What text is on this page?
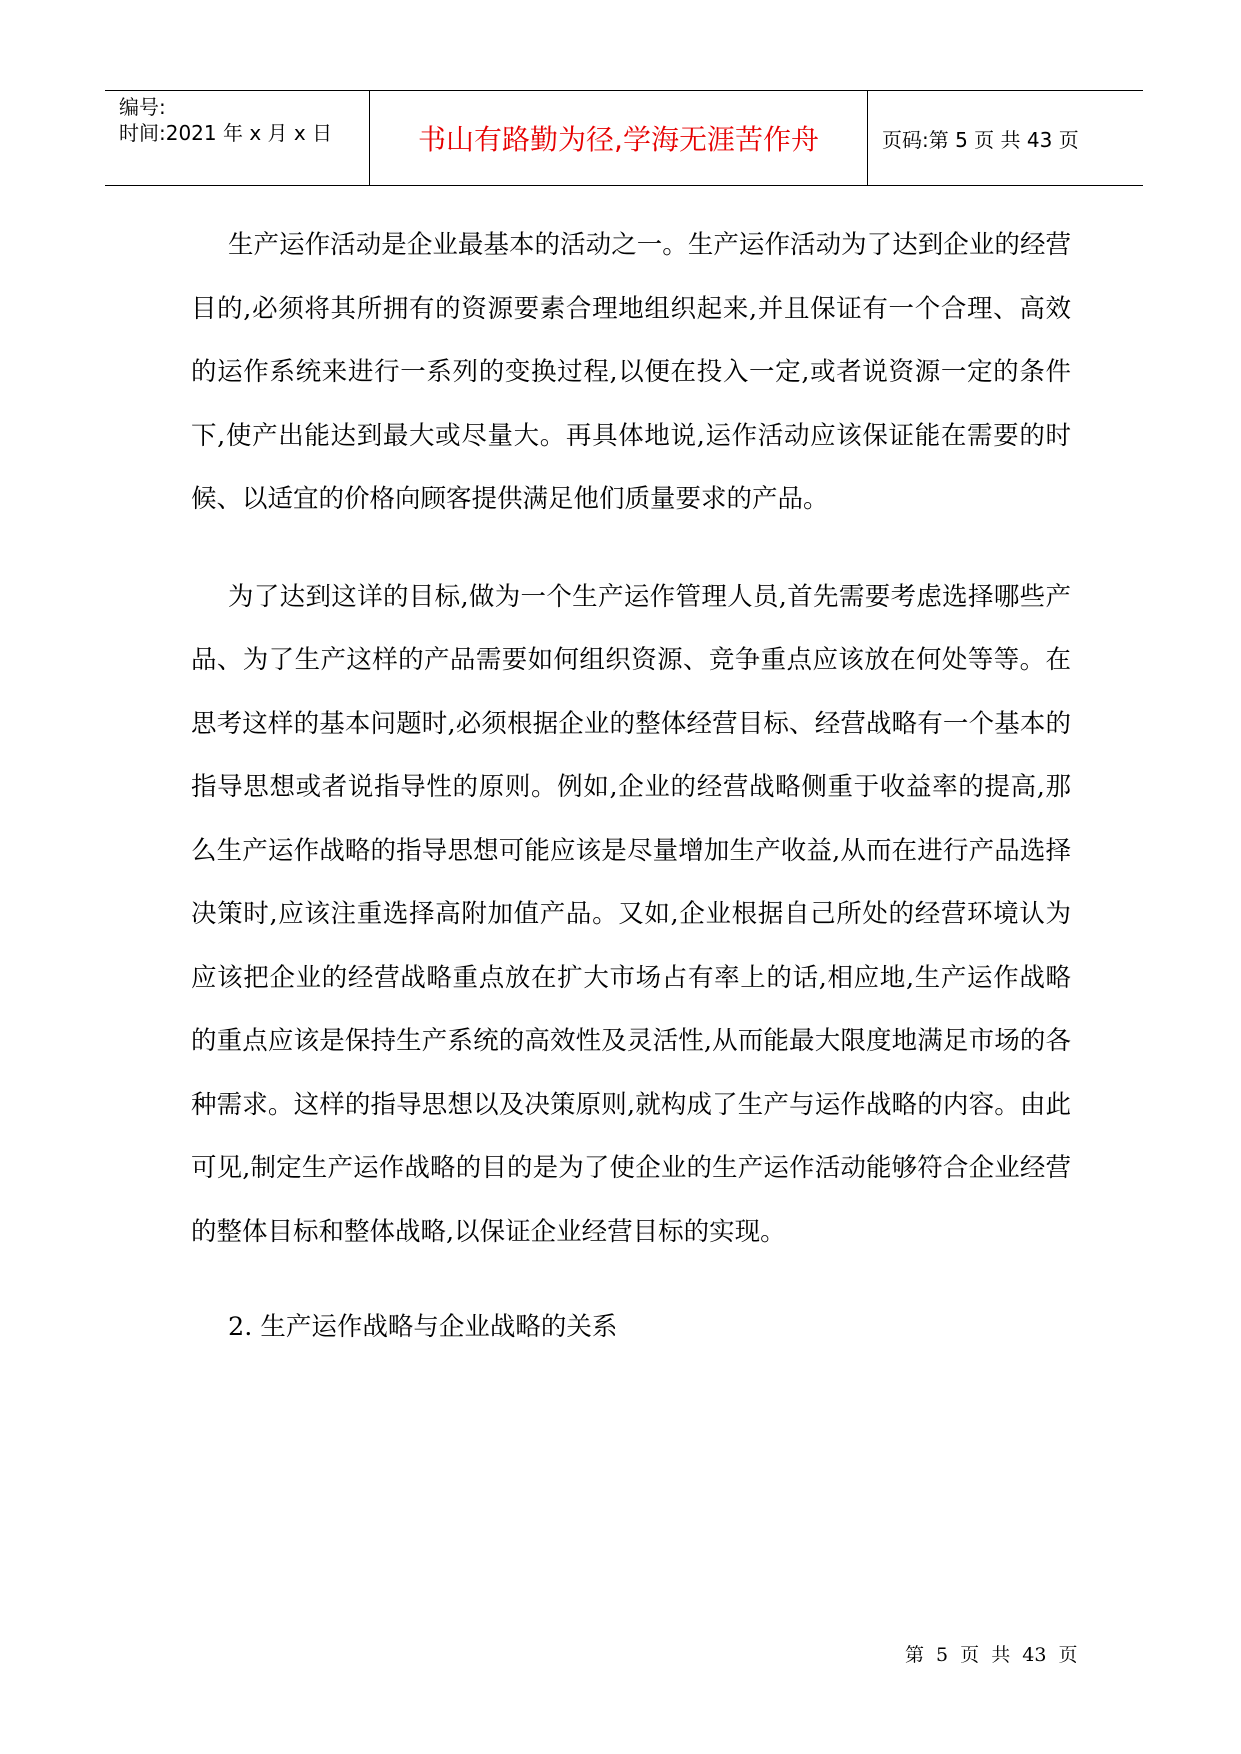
编号:
时间:2021 年 x 月 x 日	书山有路勤为径,学海无涯苦作舟	页码:第 5 页 共 43 页

生产运作活动是企业最基本的活动之一。生产运作活动为了达到企业的经营目的,必须将其所拥有的资源要素合理地组织起来,并且保证有一个合理、高效的运作系统来进行一系列的变换过程,以便在投入一定,或者说资源一定的条件下,使产出能达到最大或尽量大。再具体地说,运作活动应该保证能在需要的时候、以适宜的价格向顾客提供满足他们质量要求的产品。

为了达到这详的目标,做为一个生产运作管理人员,首先需要考虑选择哪些产品、为了生产这样的产品需要如何组织资源、竞争重点应该放在何处等等。在思考这样的基本问题时,必须根据企业的整体经营目标、经营战略有一个基本的指导思想或者说指导性的原则。例如,企业的经营战略侧重于收益率的提高,那么生产运作战略的指导思想可能应该是尽量增加生产收益,从而在进行产品选择决策时,应该注重选择高附加值产品。又如,企业根据自己所处的经营环境认为应该把企业的经营战略重点放在扩大市场占有率上的话,相应地,生产运作战略的重点应该是保持生产系统的高效性及灵活性,从而能最大限度地满足市场的各种需求。这样的指导思想以及决策原则,就构成了生产与运作战略的内容。由此可见,制定生产运作战略的目的是为了使企业的生产运作活动能够符合企业经营的整体目标和整体战略,以保证企业经营目标的实现。

2. 生产运作战略与企业战略的关系
第 5 页 共 43 页
